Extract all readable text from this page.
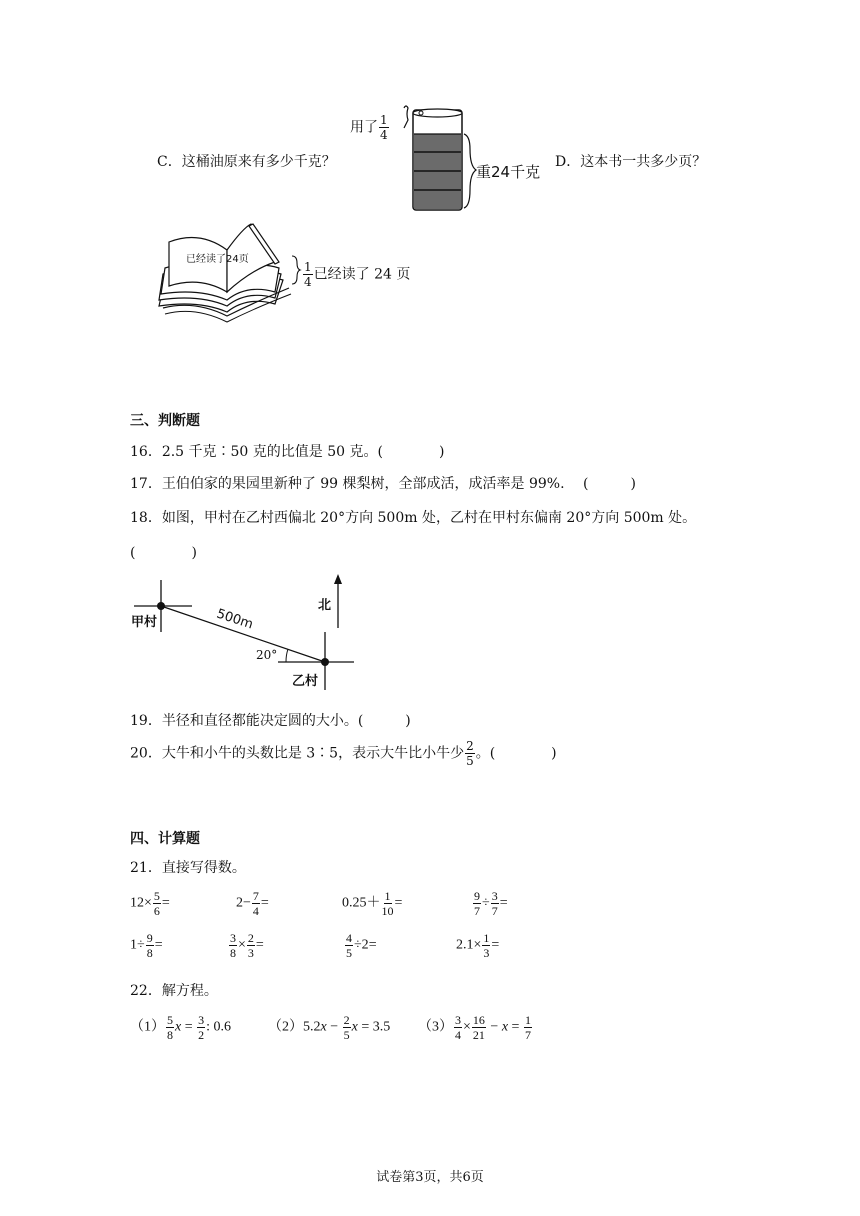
C．这桶油原来有多少千克？	D．这本书一共多少页？
用了 $\frac{1}{4}$
重24千克
已经读了24页
$\frac{1}{4}$ 已经读了 24 页
三、判断题
16．2.5 千克∶50 克的比值是 50 克。(　　　　)
17．王伯伯家的果园里新种了 99 棵梨树，全部成活，成活率是 99%.　 (　　　)
18．如图，甲村在乙村西偏北 20°方向 500m 处，乙村在甲村东偏南 20°方向 500m 处。
(　　　　)
甲村
乙村
北
500m
20°
19．半径和直径都能决定圆的大小。(　　　)
20．大牛和小牛的头数比是 3∶5，表示大牛比小牛少 $\frac{2}{5}$ 。(　　　　)
四、计算题
21．直接写得数。
$12\times \frac{5}{6}$ =	$2- \frac{7}{4}$ =	$0.25+ \frac{1}{10}$ =	$\frac{9}{7} \div \frac{3}{7}$ =
$1\div \frac{9}{8}$ =	$\frac{3}{8} \times \frac{2}{3}$ =	$\frac{4}{5} \div 2=$	$2.1\times \frac{1}{3}$ =
22．解方程。
$(1) \frac{5}{8}$ $x = \frac{3}{2}$ : 0.6	$(2)5.2x - \frac{2}{5}$ x = 3.5 $(3) \frac{3}{4} \times \frac{16}{21} - x = \frac{1}{7}$
试卷第3页，共6页
